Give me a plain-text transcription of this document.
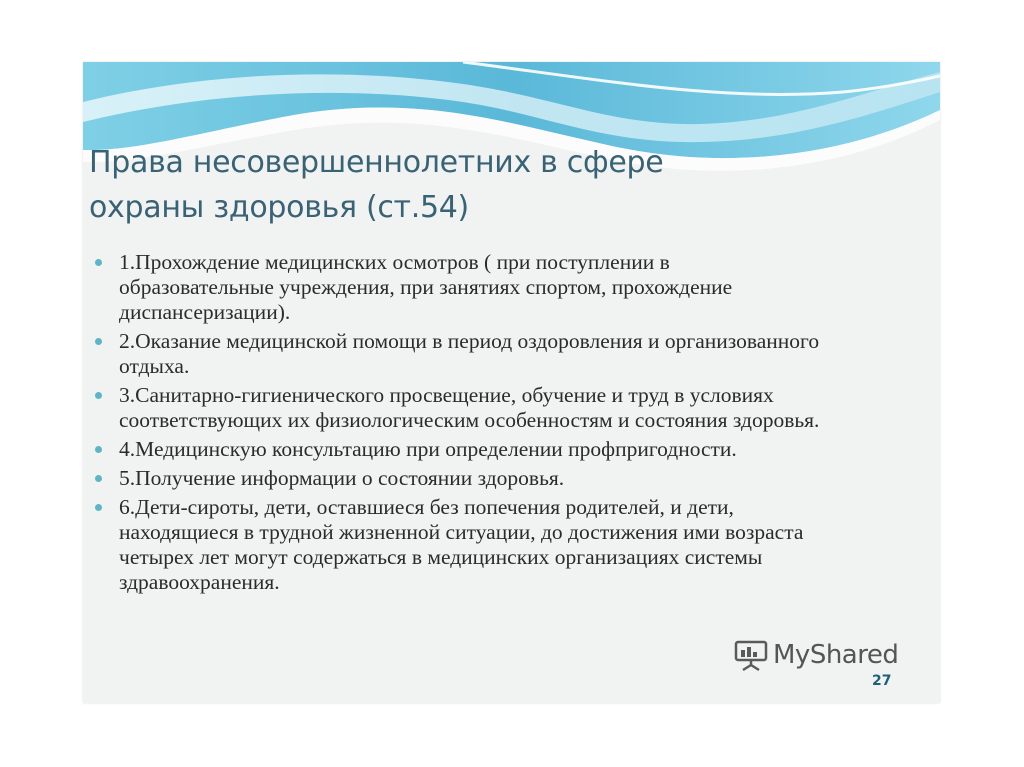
Права несовершеннолетних в сфере
охраны здоровья (ст.54)
1.Прохождение медицинских осмотров ( при поступлении в образовательные учреждения, при занятиях спортом, прохождение диспансеризации).
2.Оказание медицинской помощи в период оздоровления и организованного отдыха.
3.Санитарно-гигиенического просвещение, обучение и труд в условиях соответствующих их физиологическим особенностям и состояния здоровья.
4.Медицинскую консультацию при определении профпригодности.
5.Получение информации о состоянии здоровья.
6.Дети-сироты, дети, оставшиеся без попечения родителей, и дети, находящиеся в трудной жизненной ситуации, до достижения ими возраста четырех лет могут содержаться в медицинских организациях системы здравоохранения.
MyShared
27
